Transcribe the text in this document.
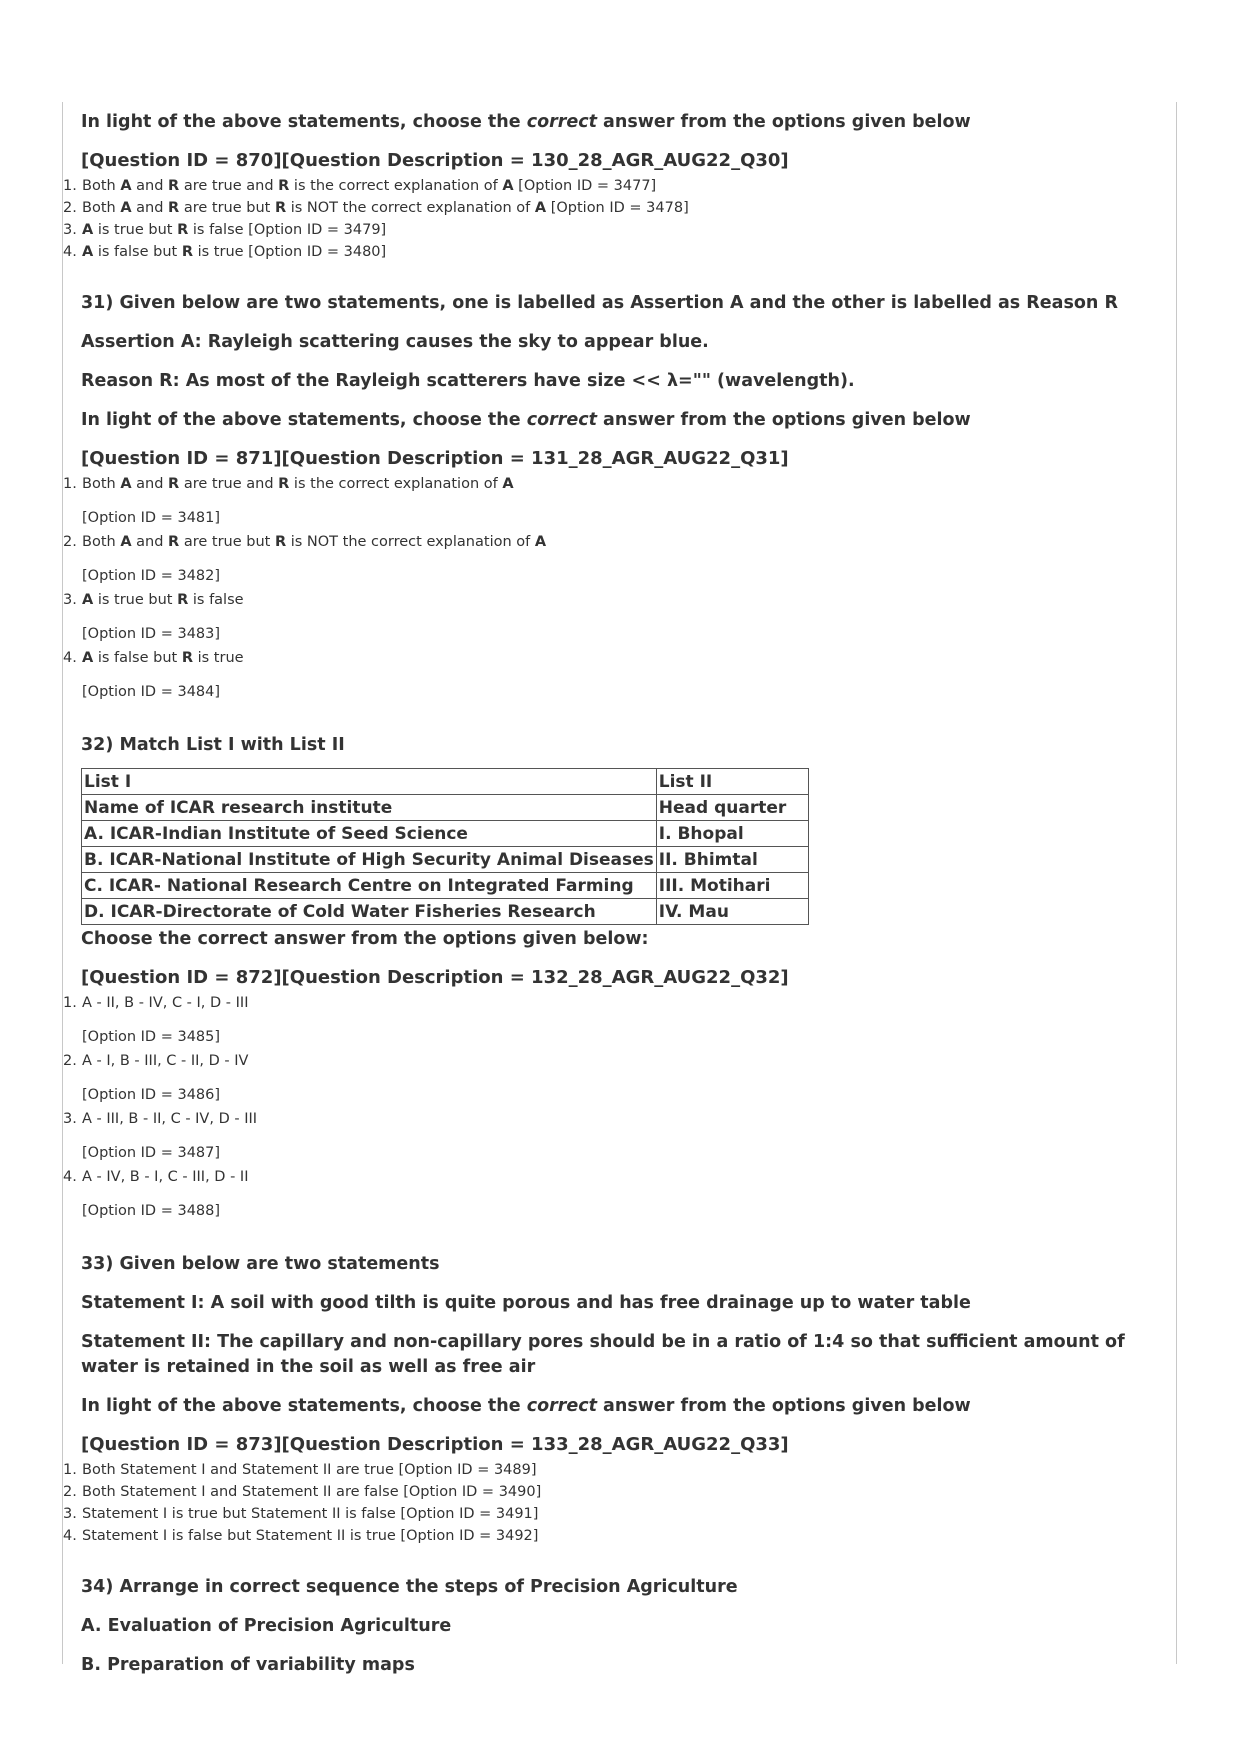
In light of the above statements, choose the correct answer from the options given below

[Question ID = 870][Question Description = 130_28_AGR_AUG22_Q30]
1. Both A and R are true and R is the correct explanation of A [Option ID = 3477]
2. Both A and R are true but R is NOT the correct explanation of A [Option ID = 3478]
3. A is true but R is false [Option ID = 3479]
4. A is false but R is true [Option ID = 3480]

31) Given below are two statements, one is labelled as Assertion A and the other is labelled as Reason R

Assertion A: Rayleigh scattering causes the sky to appear blue.

Reason R: As most of the Rayleigh scatterers have size << λ="" (wavelength).

In light of the above statements, choose the correct answer from the options given below

[Question ID = 871][Question Description = 131_28_AGR_AUG22_Q31]
1. Both A and R are true and R is the correct explanation of A
[Option ID = 3481]
2. Both A and R are true but R is NOT the correct explanation of A
[Option ID = 3482]
3. A is true but R is false
[Option ID = 3483]
4. A is false but R is true
[Option ID = 3484]

32) Match List I with List II

List I	List II
Name of ICAR research institute	Head quarter
A. ICAR-Indian Institute of Seed Science	I. Bhopal
B. ICAR-National Institute of High Security Animal Diseases	II. Bhimtal
C. ICAR- National Research Centre on Integrated Farming	III. Motihari
D. ICAR-Directorate of Cold Water Fisheries Research	IV. Mau

Choose the correct answer from the options given below:

[Question ID = 872][Question Description = 132_28_AGR_AUG22_Q32]
1. A - II, B - IV, C - I, D - III
[Option ID = 3485]
2. A - I, B - III, C - II, D - IV
[Option ID = 3486]
3. A - III, B - II, C - IV, D - III
[Option ID = 3487]
4. A - IV, B - I, C - III, D - II
[Option ID = 3488]

33) Given below are two statements

Statement I: A soil with good tilth is quite porous and has free drainage up to water table

Statement II: The capillary and non-capillary pores should be in a ratio of 1:4 so that sufficient amount of water is retained in the soil as well as free air

In light of the above statements, choose the correct answer from the options given below

[Question ID = 873][Question Description = 133_28_AGR_AUG22_Q33]
1. Both Statement I and Statement II are true [Option ID = 3489]
2. Both Statement I and Statement II are false [Option ID = 3490]
3. Statement I is true but Statement II is false [Option ID = 3491]
4. Statement I is false but Statement II is true [Option ID = 3492]

34) Arrange in correct sequence the steps of Precision Agriculture

A. Evaluation of Precision Agriculture

B. Preparation of variability maps
